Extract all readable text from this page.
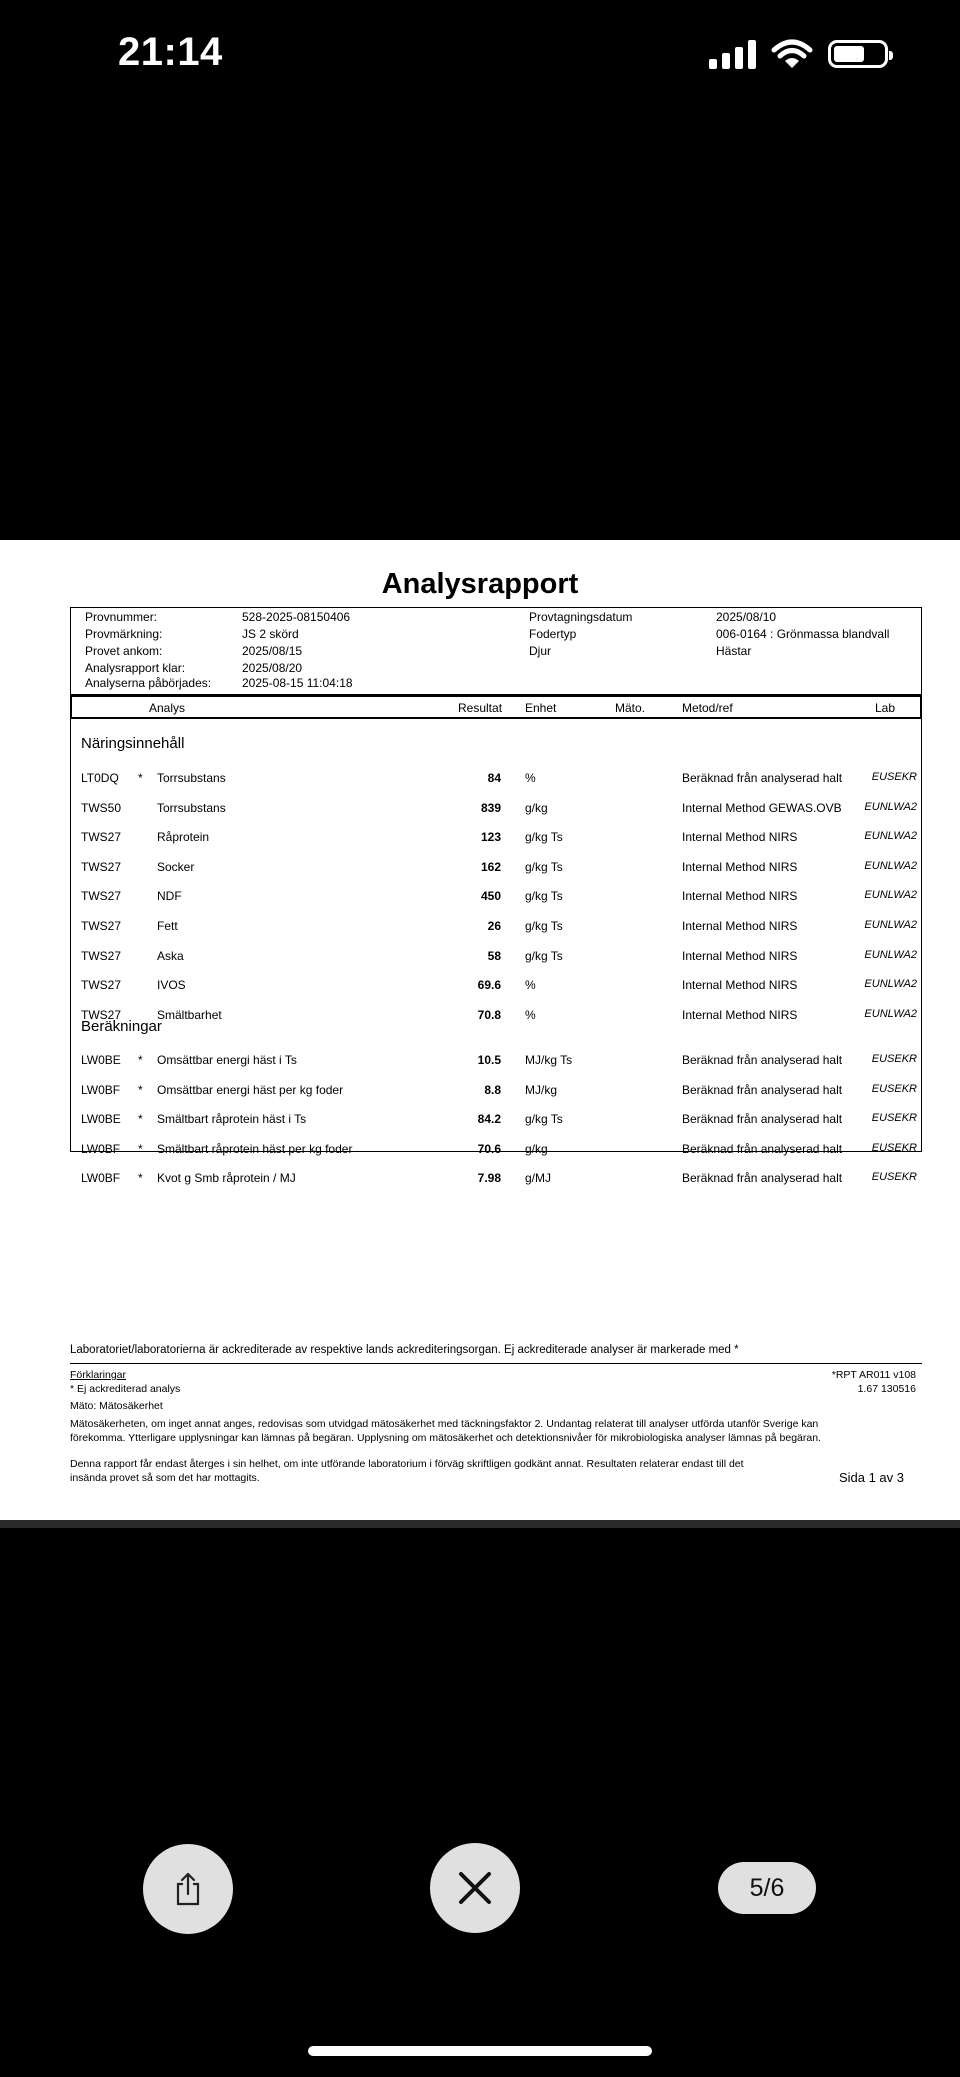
21:14
Analysrapport
Provnummer:	528-2025-08150406	Provtagningsdatum	2025/08/10
Provmärkning:	JS 2 skörd	Fodertyp	006-0164 : Grönmassa blandvall
Provet ankom:	2025/08/15	Djur	Hästar
Analysrapport klar:	2025/08/20
Analyserna påbörjades:	2025-08-15 11:04:18
Analys	Resultat Enhet	Mäto.	Metod/ref	Lab
Näringsinnehåll
LT0DQ * Torrsubstans	84 %	Beräknad från analyserad halt	EUSEKR
TWS50	Torrsubstans	839 g/kg	Internal Method GEWAS.OVB EUNLWA2
TWS27	Råprotein	123 g/kg Ts	Internal Method NIRS	EUNLWA2
TWS27	Socker	162 g/kg Ts	Internal Method NIRS	EUNLWA2
TWS27	NDF	450 g/kg Ts	Internal Method NIRS	EUNLWA2
TWS27	Fett	26 g/kg Ts	Internal Method NIRS	EUNLWA2
TWS27	Aska	58 g/kg Ts	Internal Method NIRS	EUNLWA2
TWS27	IVOS	69.6 %	Internal Method NIRS	EUNLWA2
TWS27	Smältbarhet	70.8 %	Internal Method NIRS	EUNLWA2
Beräkningar
LW0BE * Omsättbar energi häst i Ts	10.5 MJ/kg Ts	Beräknad från analyserad halt	EUSEKR
LW0BF * Omsättbar energi häst per kg foder	8.8 MJ/kg	Beräknad från analyserad halt	EUSEKR
LW0BE * Smältbart råprotein häst i Ts	84.2 g/kg Ts	Beräknad från analyserad halt	EUSEKR
LW0BF * Smältbart råprotein häst per kg foder	70.6 g/kg	Beräknad från analyserad halt	EUSEKR
LW0BF * Kvot g Smb råprotein / MJ	7.98 g/MJ	Beräknad från analyserad halt	EUSEKR
Laboratoriet/laboratorierna är ackrediterade av respektive lands ackrediteringsorgan. Ej ackrediterade analyser är markerade med *
Förklaringar
* Ej ackrediterad analys
Mäto: Mätosäkerhet
*RPT AR011 v108
1.67 130516
Mätosäkerheten, om inget annat anges, redovisas som utvidgad mätosäkerhet med täckningsfaktor 2. Undantag relaterat till analyser utförda utanför Sverige kan
förekomma. Ytterligare upplysningar kan lämnas på begäran. Upplysning om mätosäkerhet och detektionsnivåer för mikrobiologiska analyser lämnas på begäran.
Denna rapport får endast återges i sin helhet, om inte utförande laboratorium i förväg skriftligen godkänt annat. Resultaten relaterar endast till det
insända provet så som det har mottagits.	Sida 1 av 3
5/6
